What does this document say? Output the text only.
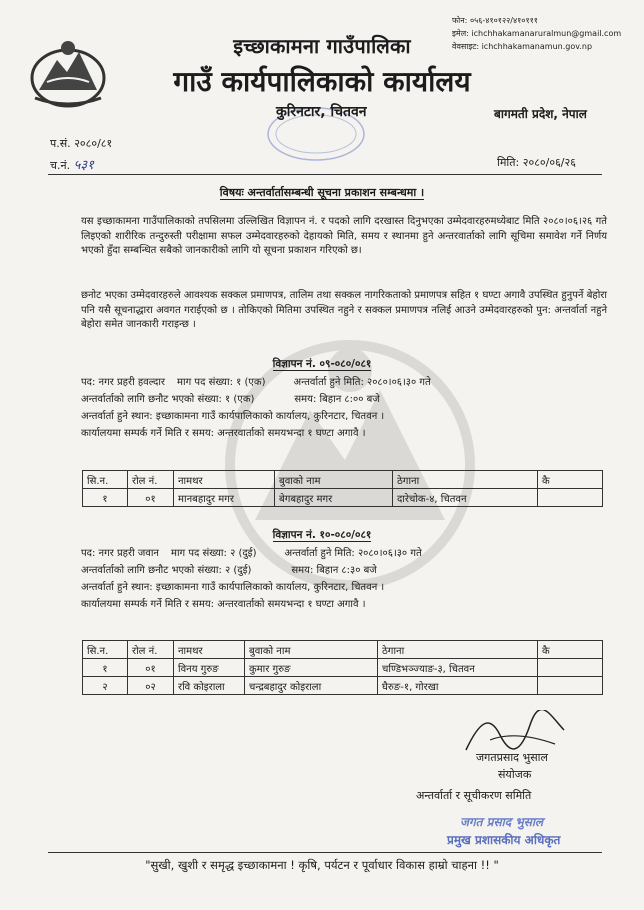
फोन: ०५६-४१०१२२/४१०१११
इमेल: ichchhakamanaruralmun@gmail.com
वेवसाइट: ichchhakamanamun.gov.np
इच्छाकामना गाउँपालिका
गाउँ कार्यपालिकाको कार्यालय
कुरिनटार, चितवन	बागमती प्रदेश, नेपाल
प.सं. २०८०/८१
च.नं. ५३१	मिति: २०८०/०६/२६
विषयः अन्तर्वार्तासम्बन्धी सूचना प्रकाशन सम्बन्धमा ।
यस इच्छाकामना गाउँपालिकाको तपसिलमा उल्लिखित विज्ञापन नं. र पदको लागि दरखास्त दिनुभएका उम्मेदवारहरुमध्येबाट मिति २०८०।०६।२६ गते लिइएको शारीरिक तन्दुरुस्ती परीक्षामा सफल उम्मेदवारहरुको देहायको मिति, समय र स्थानमा हुने अन्तरवार्ताको लागि सूचिमा समावेश गर्ने निर्णय भएको हुँदा सम्बन्धित सबैको जानकारीको लागि यो सूचना प्रकाशन गरिएको छ।
छनोट भएका उम्मेदवारहरुले आवश्यक सक्कल प्रमाणपत्र, तालिम तथा सक्कल नागरिकताको प्रमाणपत्र सहित १ घण्टा अगावै उपस्थित हुनुपर्ने बेहोरा पनि यसै सूचनाद्धारा अवगत गराईएको छ । तोकिएको मितिमा उपस्थित नहुने र सक्कल प्रमाणपत्र नलिई आउने उम्मेदवारहरुको पुन: अन्तर्वार्ता नहुने बेहोरा समेत जानकारी गराइन्छ ।
विज्ञापन नं. ०९-०८०/०८१
पद: नगर प्रहरी हवल्दार माग पद संख्या: १ (एक)	अन्तर्वार्ता हुने मिति: २०८०।०६।३० गते
अन्तर्वार्ताको लागि छनौट भएको संख्या: १ (एक)	समय: बिहान ८:०० बजे
अन्तर्वार्ता हुने स्थान: इच्छाकामना गाउँ कार्यपालिकाको कार्यालय, कुरिनटार, चितवन ।
कार्यालयमा सम्पर्क गर्ने मिति र समय: अन्तरवार्ताको समयभन्दा १ घण्टा अगावै ।
सि.न.	रोल नं.	नामथर	बुवाको नाम	ठेगाना	कै
१	०१	मानबहादुर मगर	बेगबहादुर मगर	दारेचोक-४, चितवन	
विज्ञापन नं. १०-०८०/०८१
पद: नगर प्रहरी जवान माग पद संख्या: २ (दुई)	अन्तर्वार्ता हुने मिति: २०८०।०६।३० गते
अन्तर्वार्ताको लागि छनौट भएको संख्या: २ (दुई)	समय: बिहान ८:३० बजे
अन्तर्वार्ता हुने स्थान: इच्छाकामना गाउँ कार्यपालिकाको कार्यालय, कुरिनटार, चितवन ।
कार्यालयमा सम्पर्क गर्ने मिति र समय: अन्तरवार्ताको समयभन्दा १ घण्टा अगावै ।
सि.न.	रोल नं.	नामथर	बुवाको नाम	ठेगाना	कै
१	०१	विनय गुरुङ	कुमार गुरुङ	चण्डिभञ्ज्याङ-३, चितवन	
२	०२	रवि कोइराला	चन्द्रबहादुर कोइराला	घैरुङ-१, गोरखा	
जगतप्रसाद भुसाल
संयोजक
अन्तर्वार्ता र सूचीकरण समिति
जगत प्रसाद भुसाल
प्रमुख प्रशासकीय अधिकृत
"सुखी, खुशी र समृद्ध इच्छाकामना ! कृषि, पर्यटन र पूर्वाधार विकास हाम्रो चाहना !! "
